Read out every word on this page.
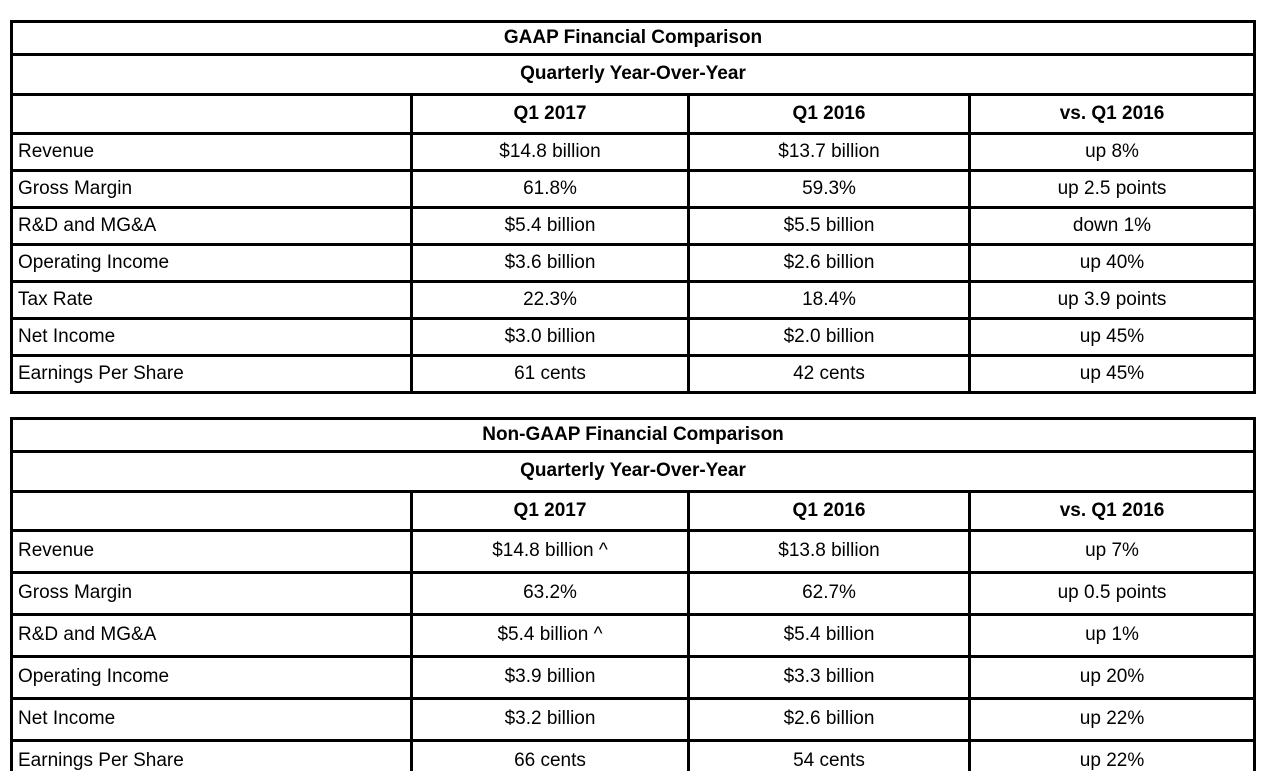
GAAP Financial Comparison			
Quarterly Year-Over-Year			
	Q1 2017	Q1 2016	vs. Q1 2016
Revenue	$14.8 billion	$13.7 billion	up 8%
Gross Margin	61.8%	59.3%	up 2.5 points
R&D and MG&A	$5.4 billion	$5.5 billion	down 1%
Operating Income	$3.6 billion	$2.6 billion	up 40%
Tax Rate	22.3%	18.4%	up 3.9 points
Net Income	$3.0 billion	$2.0 billion	up 45%
Earnings Per Share	61 cents	42 cents	up 45%
Non-GAAP Financial Comparison			
Quarterly Year-Over-Year			
	Q1 2017	Q1 2016	vs. Q1 2016
Revenue	$14.8 billion ^	$13.8 billion	up 7%
Gross Margin	63.2%	62.7%	up 0.5 points
R&D and MG&A	$5.4 billion ^	$5.4 billion	up 1%
Operating Income	$3.9 billion	$3.3 billion	up 20%
Net Income	$3.2 billion	$2.6 billion	up 22%
Earnings Per Share	66 cents	54 cents	up 22%
